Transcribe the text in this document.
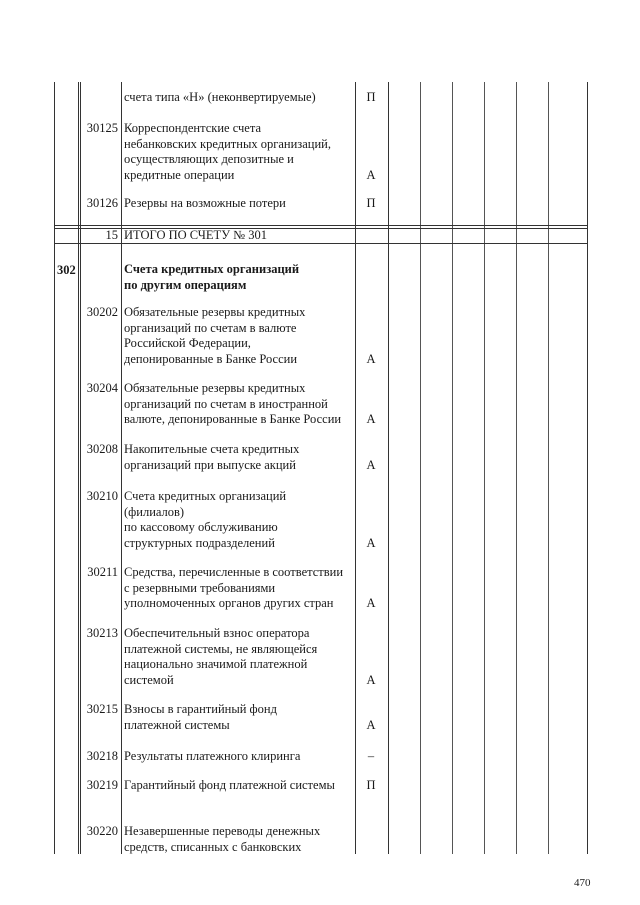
счета типа «Н» (неконвертируемые)	П
30125 Корреспондентские счета
небанковских кредитных организаций,
осуществляющих депозитные и
кредитные операции	А
30126 Резервы на возможные потери	П
15 ИТОГО ПО СЧЕТУ № 301
302	Счета кредитных организаций
по другим операциям
30202 Обязательные резервы кредитных
организаций по счетам в валюте
Российской Федерации,
депонированные в Банке России	А
30204 Обязательные резервы кредитных
организаций по счетам в иностранной
валюте, депонированные в Банке России	А
30208 Накопительные счета кредитных
организаций при выпуске акций	А
30210 Счета кредитных организаций
(филиалов)
по кассовому обслуживанию
структурных подразделений	А
30211 Средства, перечисленные в соответствии
с резервными требованиями
уполномоченных органов других стран	А
30213 Обеспечительный взнос оператора
платежной системы, не являющейся
национально значимой платежной
системой	А
30215 Взносы в гарантийный фонд
платежной системы	А
30218 Результаты платежного клиринга	–
30219 Гарантийный фонд платежной системы	П
30220 Незавершенные переводы денежных
средств, списанных с банковских
470
